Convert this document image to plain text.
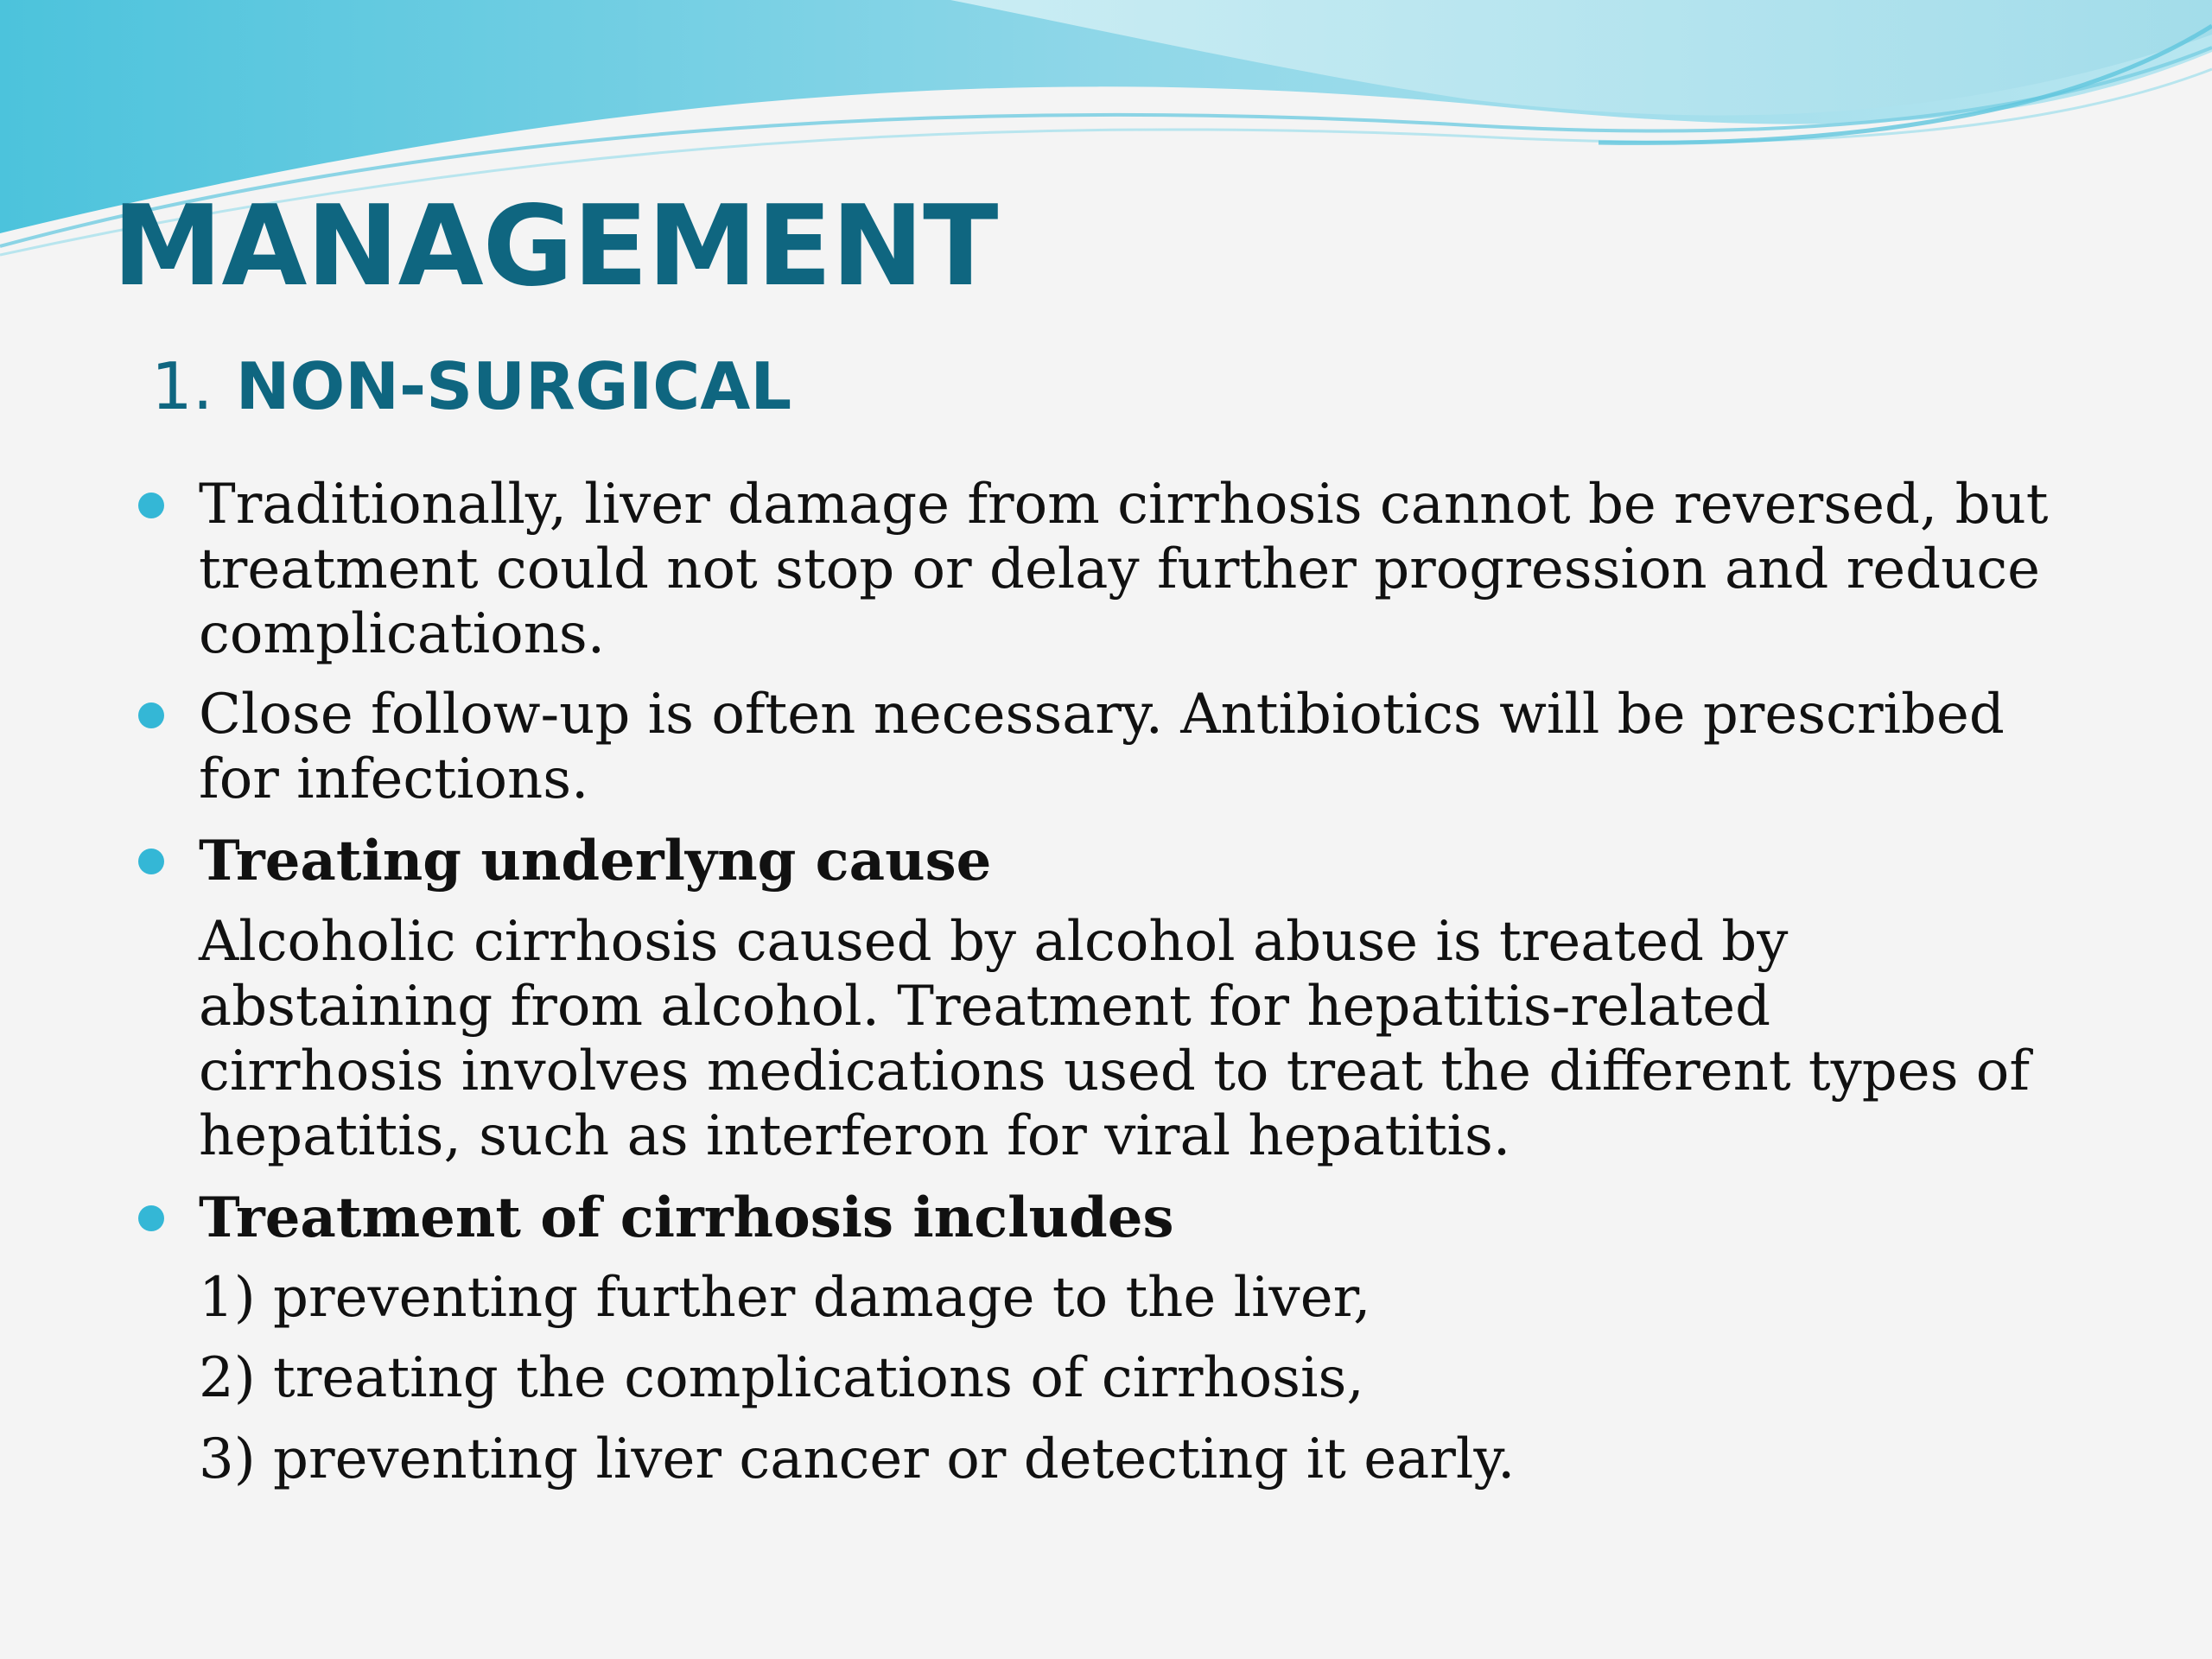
MANAGEMENT
1. NON-SURGICAL
Traditionally, liver damage from cirrhosis cannot be reversed, but
treatment could not stop or delay further progression and reduce
complications.
Close follow-up is often necessary. Antibiotics will be prescribed
for infections.
Treating underlyng cause
Alcoholic cirrhosis caused by alcohol abuse is treated by
abstaining from alcohol. Treatment for hepatitis-related
cirrhosis involves medications used to treat the different types of
hepatitis, such as interferon for viral hepatitis.
Treatment of cirrhosis includes
1) preventing further damage to the liver,
2) treating the complications of cirrhosis,
3) preventing liver cancer or detecting it early.
